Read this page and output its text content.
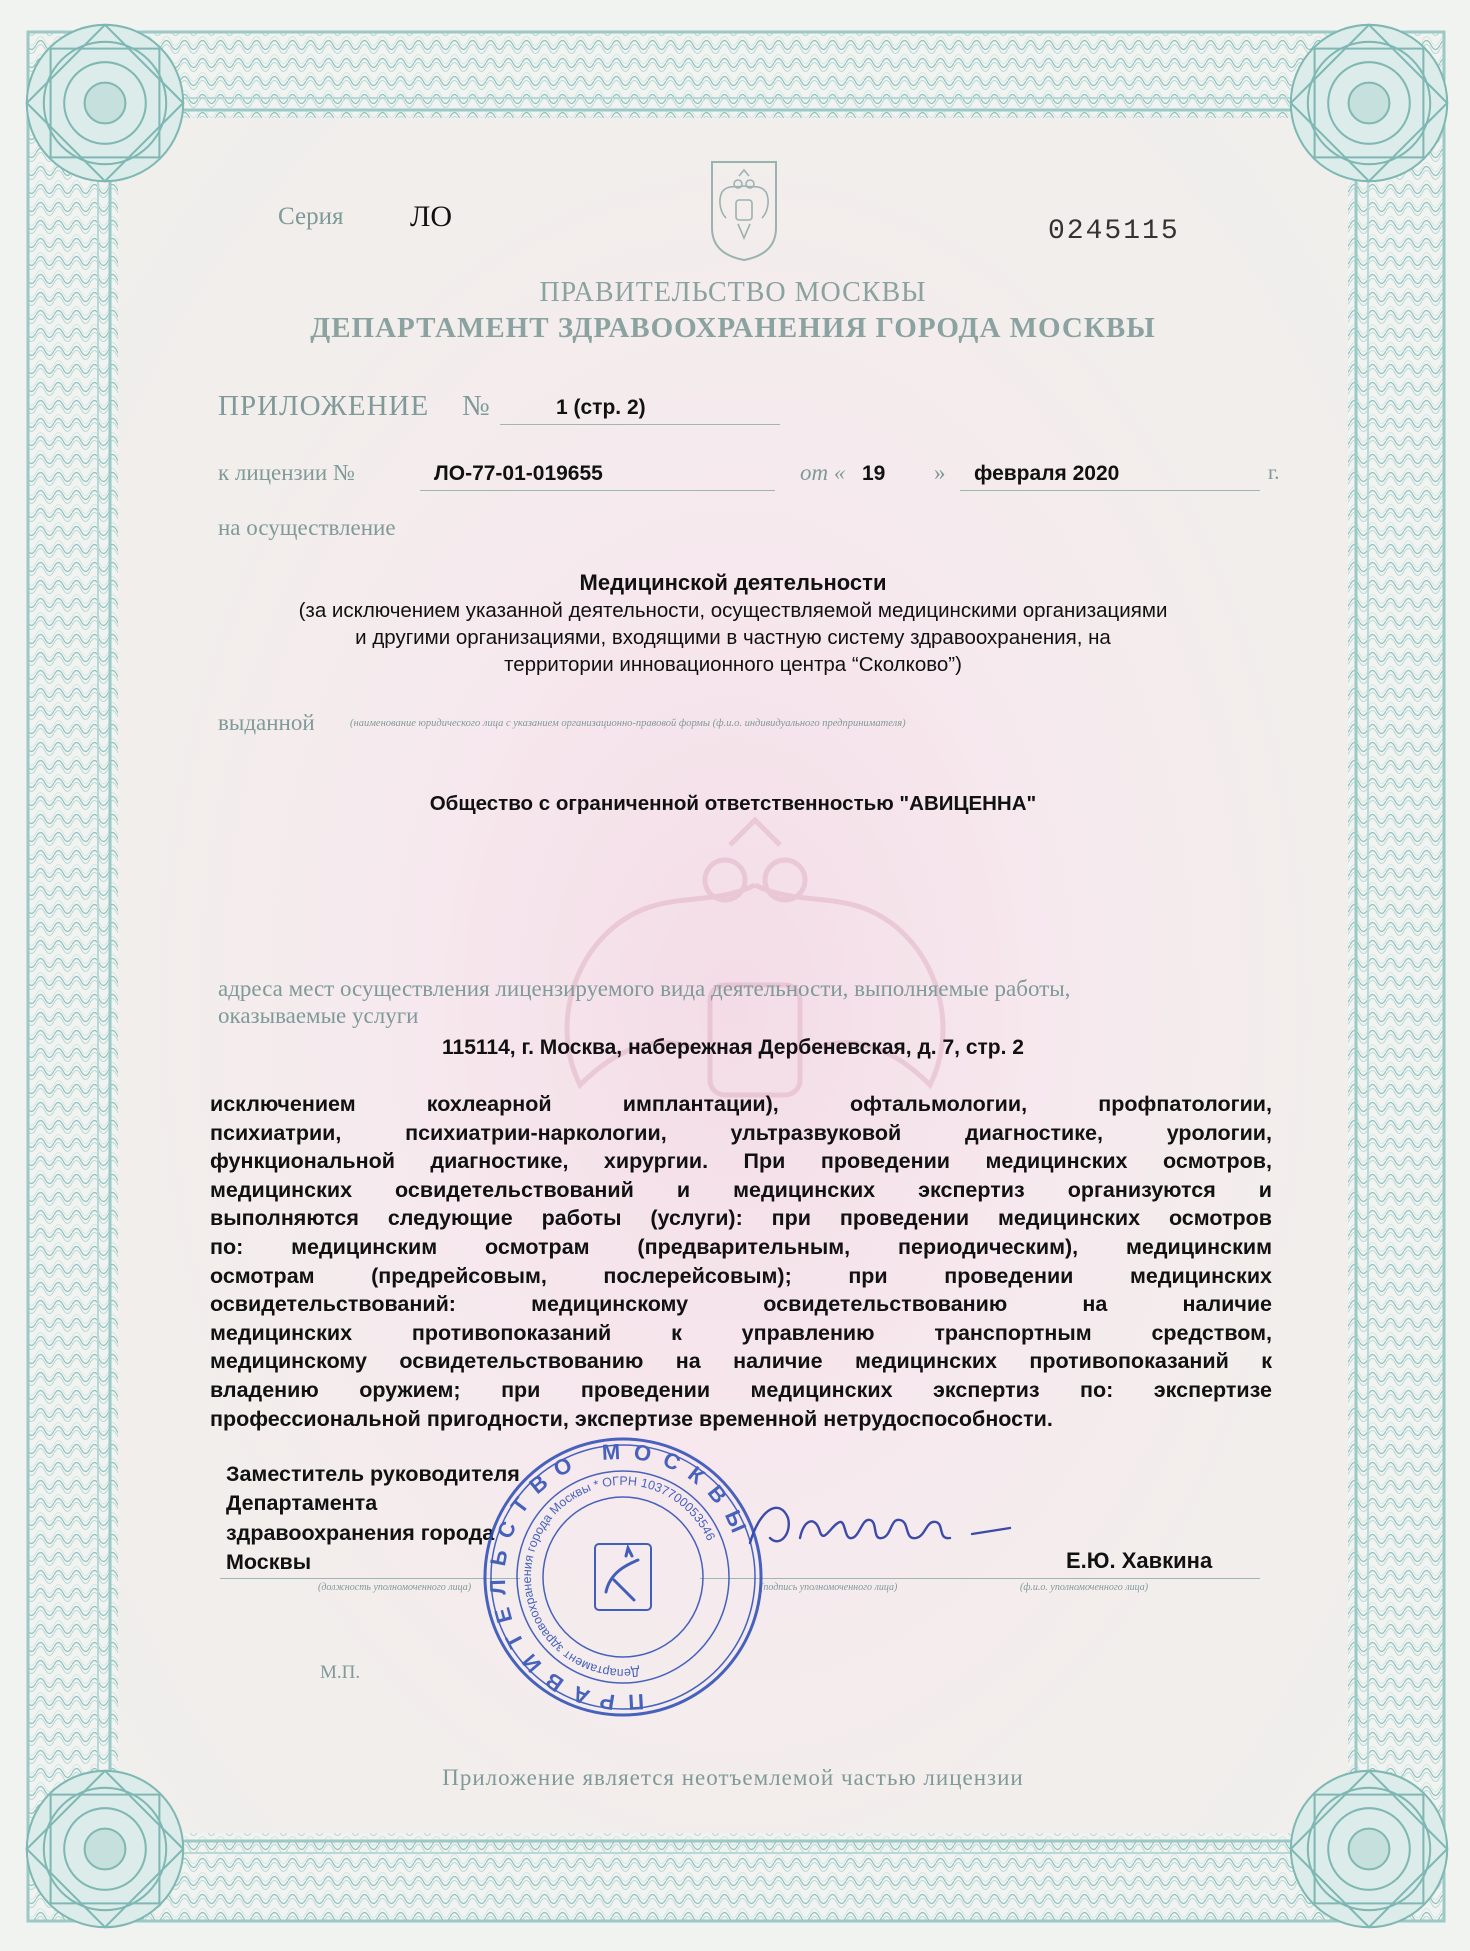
Серия ЛО	0245115
ПРАВИТЕЛЬСТВО МОСКВЫ
ДЕПАРТАМЕНТ ЗДРАВООХРАНЕНИЯ ГОРОДА МОСКВЫ
ПРИЛОЖЕНИЕ №	1 (стр. 2)
к лицензии №	ЛО-77-01-019655	от « 19 » февраля 2020	г.
на осуществление
Медицинской деятельности
(за исключением указанной деятельности, осуществляемой медицинскими организациями
и другими организациями, входящими в частную систему здравоохранения, на
территории инновационного центра “Сколково”)
выданной	(наименование юридического лица с указанием организационно-правовой формы (ф.и.о. индивидуального предпринимателя)
Общество с ограниченной ответственностью "АВИЦЕННА"
адреса мест осуществления лицензируемого вида деятельности, выполняемые работы,
оказываемые услуги
115114, г. Москва, набережная Дербеневская, д. 7, стр. 2
исключением кохлеарной имплантации), офтальмологии, профпатологии,
психиатрии, психиатрии-наркологии, ультразвуковой диагностике, урологии,
функциональной диагностике, хирургии. При проведении медицинских осмотров,
медицинских освидетельствований и медицинских экспертиз организуются и
выполняются следующие работы (услуги): при проведении медицинских осмотров
по: медицинским осмотрам (предварительным, периодическим), медицинским
осмотрам (предрейсовым, послерейсовым); при проведении медицинских
освидетельствований: медицинскому освидетельствованию на наличие
медицинских противопоказаний к управлению транспортным средством,
медицинскому освидетельствованию на наличие медицинских противопоказаний к
владению оружием; при проведении медицинских экспертиз по: экспертизе
профессиональной пригодности, экспертизе временной нетрудоспособности.
Заместитель руководителя
Департамента
здравоохранения города
Москвы
(должность уполномоченного лица)	(подпись уполномоченного лица)
Е.Ю. Хавкина
(ф.и.о. уполномоченного лица)
М.П.
ПРАВИТЕЛЬСТВО МОСКВЫ
Департамент здравоохранения города Москвы * ОГРН 1037700053546
Приложение является неотъемлемой частью лицензии
